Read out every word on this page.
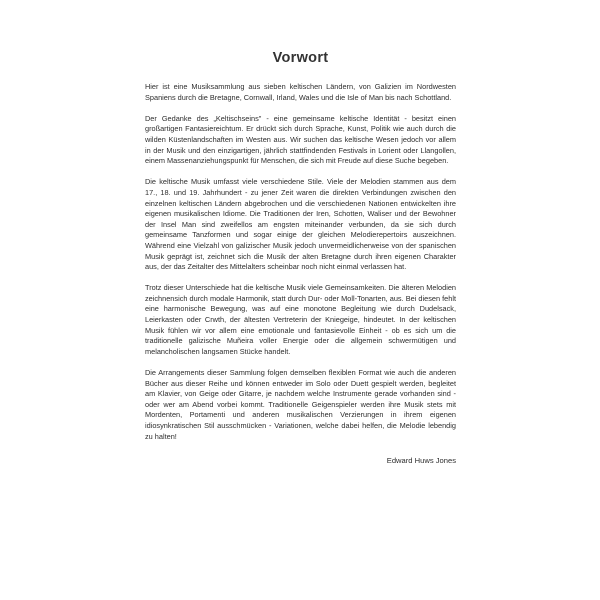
Vorwort

Hier ist eine Musiksammlung aus sieben keltischen Ländern, von Galizien im Nordwesten Spaniens durch die Bretagne, Cornwall, Irland, Wales und die Isle of Man bis nach Schottland.

Der Gedanke des „Keltischseins" - eine gemeinsame keltische Identität - besitzt einen großartigen Fantasiereichtum. Er drückt sich durch Sprache, Kunst, Politik wie auch durch die wilden Küstenlandschaften im Westen aus. Wir suchen das keltische Wesen jedoch vor allem in der Musik und den einzigartigen, jährlich stattfindenden Festivals in Lorient oder Llangollen, einem Massenanziehungspunkt für Menschen, die sich mit Freude auf diese Suche begeben.

Die keltische Musik umfasst viele verschiedene Stile. Viele der Melodien stammen aus dem 17., 18. und 19. Jahrhundert - zu jener Zeit waren die direkten Verbindungen zwischen den einzelnen keltischen Ländern abgebrochen und die verschiedenen Nationen entwickelten ihre eigenen musikalischen Idiome. Die Traditionen der Iren, Schotten, Waliser und der Bewohner der Insel Man sind zweifellos am engsten miteinander verbunden, da sie sich durch gemeinsame Tanzformen und sogar einige der gleichen Melodierepertoirs auszeichnen. Während eine Vielzahl von galizischer Musik jedoch unvermeidlicherweise von der spanischen Musik geprägt ist, zeichnet sich die Musik der alten Bretagne durch ihren eigenen Charakter aus, der das Zeitalter des Mittelalters scheinbar noch nicht einmal verlassen hat.

Trotz dieser Unterschiede hat die keltische Musik viele Gemeinsamkeiten. Die älteren Melodien zeichnensich durch modale Harmonik, statt durch Dur- oder Moll-Tonarten, aus. Bei diesen fehlt eine harmonische Bewegung, was auf eine monotone Begleitung wie durch Dudelsack, Leierkasten oder Crwth, der ältesten Vertreterin der Kniegeige, hindeutet. In der keltischen Musik fühlen wir vor allem eine emotionale und fantasievolle Einheit - ob es sich um die traditionelle galizische Muñeira voller Energie oder die allgemein schwermütigen und melancholischen langsamen Stücke handelt.

Die Arrangements dieser Sammlung folgen demselben flexiblen Format wie auch die anderen Bücher aus dieser Reihe und können entweder im Solo oder Duett gespielt werden, begleitet am Klavier, von Geige oder Gitarre, je nachdem welche Instrumente gerade vorhanden sind - oder wer am Abend vorbei kommt. Traditionelle Geigenspieler werden ihre Musik stets mit Mordenten, Portamenti und anderen musikalischen Verzierungen in ihrem eigenen idiosynkratischen Stil ausschmücken - Variationen, welche dabei helfen, die Melodie lebendig zu halten!

Edward Huws Jones
